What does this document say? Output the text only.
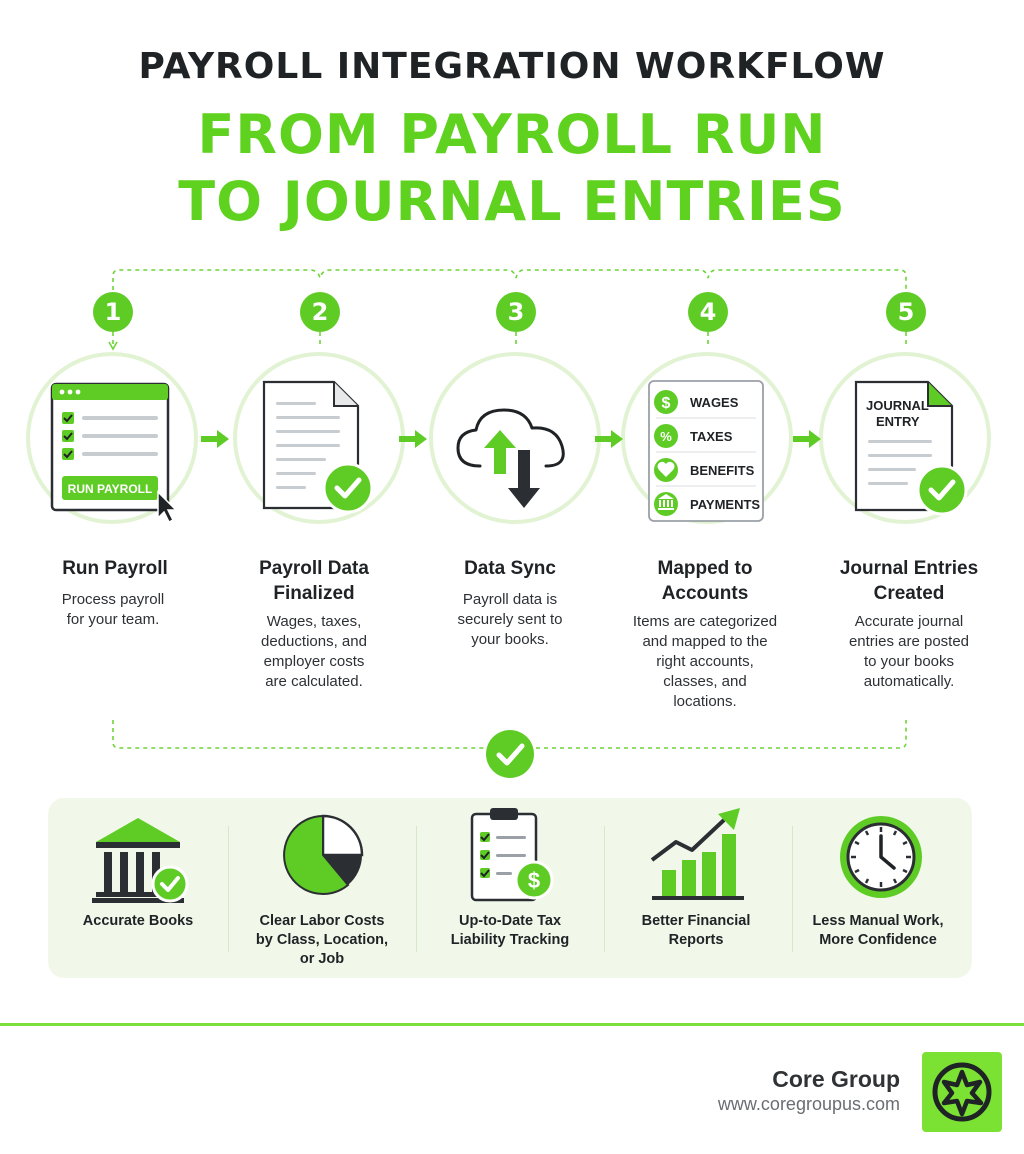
PAYROLL INTEGRATION WORKFLOW
FROM PAYROLL RUN
TO JOURNAL ENTRIES
1	2	3	4	5
RUN PAYROLL
$
%
WAGES
TAXES
BENEFITS
PAYMENTS
JOURNAL
ENTRY
Run Payroll	Payroll Data
Finalized
Data Sync	Mapped to
Accounts
Journal Entries
Created
Process payroll
for your team.	Wages, taxes,
deductions, and
employer costs
are calculated.
Payroll data is
securely sent to
your books.
Items are categorized
and mapped to the
right accounts,
classes, and
locations.
Accurate journal
entries are posted
to your books
automatically.
Accurate Books	Clear Labor Costs
by Class, Location,
or Job
$
Up-to-Date Tax
Liability Tracking
Better Financial
Reports
Less Manual Work,
More Confidence
Core Group
www.coregroupus.com
